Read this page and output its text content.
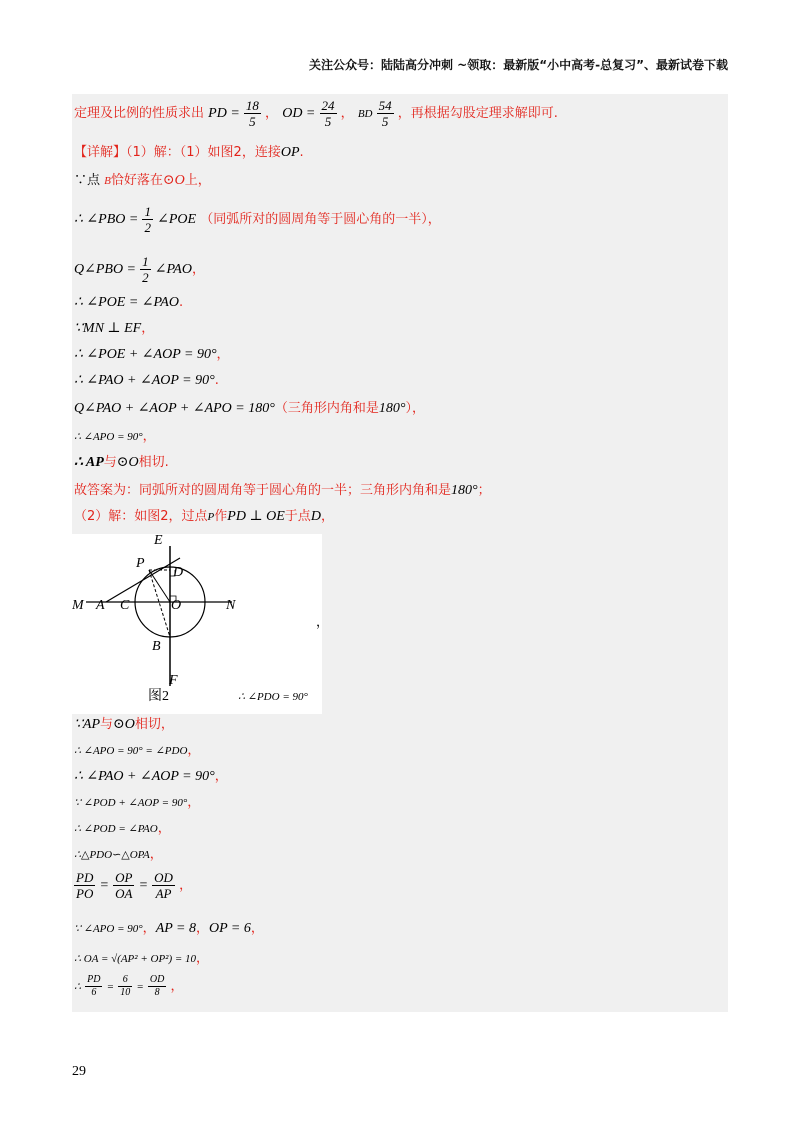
关注公众号：陆陆高分冲刺 ~领取：最新版“小中高考-总复习”、最新试卷下载
定理及比例的性质求出 PD = $\frac{18}{5}$ ， OD = $\frac{24}{5}$ ， BD $\frac{54}{5}$ ，再根据勾股定理求解即可.
【详解】（1）解：（1）如图2，连接OP.
∵点 B恰好落在⊙O上，
∴ ∠PBO = $\frac{1}{2}$ ∠POE （同弧所对的圆周角等于圆心角的一半），
Q∠PBO = $\frac{1}{2}$ ∠PAO，
∴ ∠POE = ∠PAO.
∵MN ⊥ EF，
∴ ∠POE + ∠AOP = 90°，
∴ ∠PAO + ∠AOP = 90°.
Q∠PAO + ∠AOP + ∠APO = 180°（三角形内角和是180°），
∴ ∠APO = 90°，
∴ AP与⊙O相切.
故答案为：同弧所对的圆周角等于圆心角的一半；三角形内角和是180°；
（2）解：如图2，过点P作PD ⊥ OE于点D，
E
P
D
M A C	O	N
B
F
图2
，
∴ ∠PDO = 90°
∵AP与⊙O相切，
∴ ∠APO = 90° = ∠PDO，
∴ ∠PAO + ∠AOP = 90°，
∵ ∠POD + ∠AOP = 90°，
∴ ∠POD = ∠PAO，
∴△PDO∽△OPA，
$\frac{PD}{PO} = \frac{OP}{OA} = \frac{OD}{AP}$ ，
∵ ∠APO = 90°，AP = 8，OP = 6，
∴ OA = √(AP² + OP²) = 10，
∴ $\frac{PD}{6} = \frac{6}{10} = \frac{OD}{8}$ ，
29
